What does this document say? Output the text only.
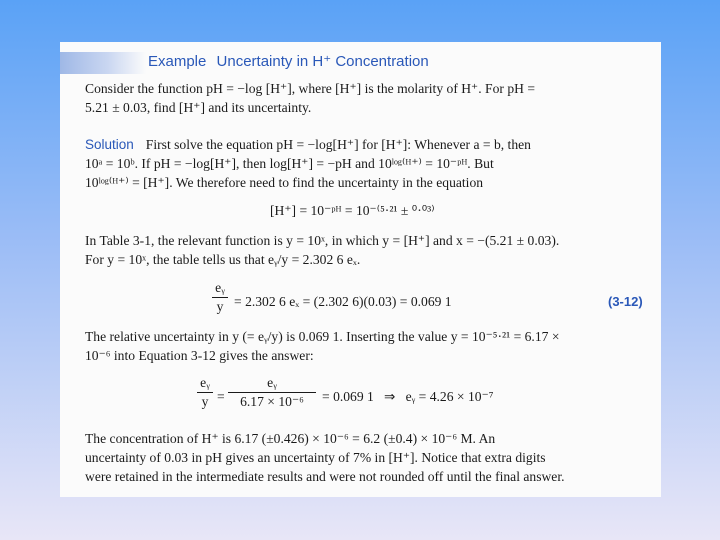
Example Uncertainty in H⁺ Concentration
Consider the function pH = −log [H⁺], where [H⁺] is the molarity of H⁺. For pH =
5.21 ± 0.03, find [H⁺] and its uncertainty.
Solution First solve the equation pH = −log[H⁺] for [H⁺]: Whenever a = b, then
10ᵃ = 10ᵇ. If pH = −log[H⁺], then log[H⁺] = −pH and 10ˡᵒᵍ⁽ᴴ⁺⁾ = 10⁻ᵖᴴ. But
10ˡᵒᵍ⁽ᴴ⁺⁾ = [H⁺]. We therefore need to find the uncertainty in the equation
[H⁺] = 10⁻ᵖᴴ = 10⁻⁽⁵·²¹ ± ⁰·⁰³⁾
In Table 3-1, the relevant function is y = 10ˣ, in which y = [H⁺] and x = −(5.21 ± 0.03).
For y = 10ˣ, the table tells us that eᵧ/y = 2.302 6 eₓ.
eᵧ
y = 2.302 6 eₓ = (2.302 6)(0.03) = 0.069 1	(3-12)
The relative uncertainty in y (= eᵧ/y) is 0.069 1. Inserting the value y = 10⁻⁵·²¹ = 6.17 ×
10⁻⁶ into Equation 3-12 gives the answer:
eᵧ
y =
eᵧ
6.17 × 10⁻⁶	= 0.069 1   ⇒   eᵧ = 4.26 × 10⁻⁷
The concentration of H⁺ is 6.17 (±0.426) × 10⁻⁶ = 6.2 (±0.4) × 10⁻⁶ M. An
uncertainty of 0.03 in pH gives an uncertainty of 7% in [H⁺]. Notice that extra digits
were retained in the intermediate results and were not rounded off until the final answer.
